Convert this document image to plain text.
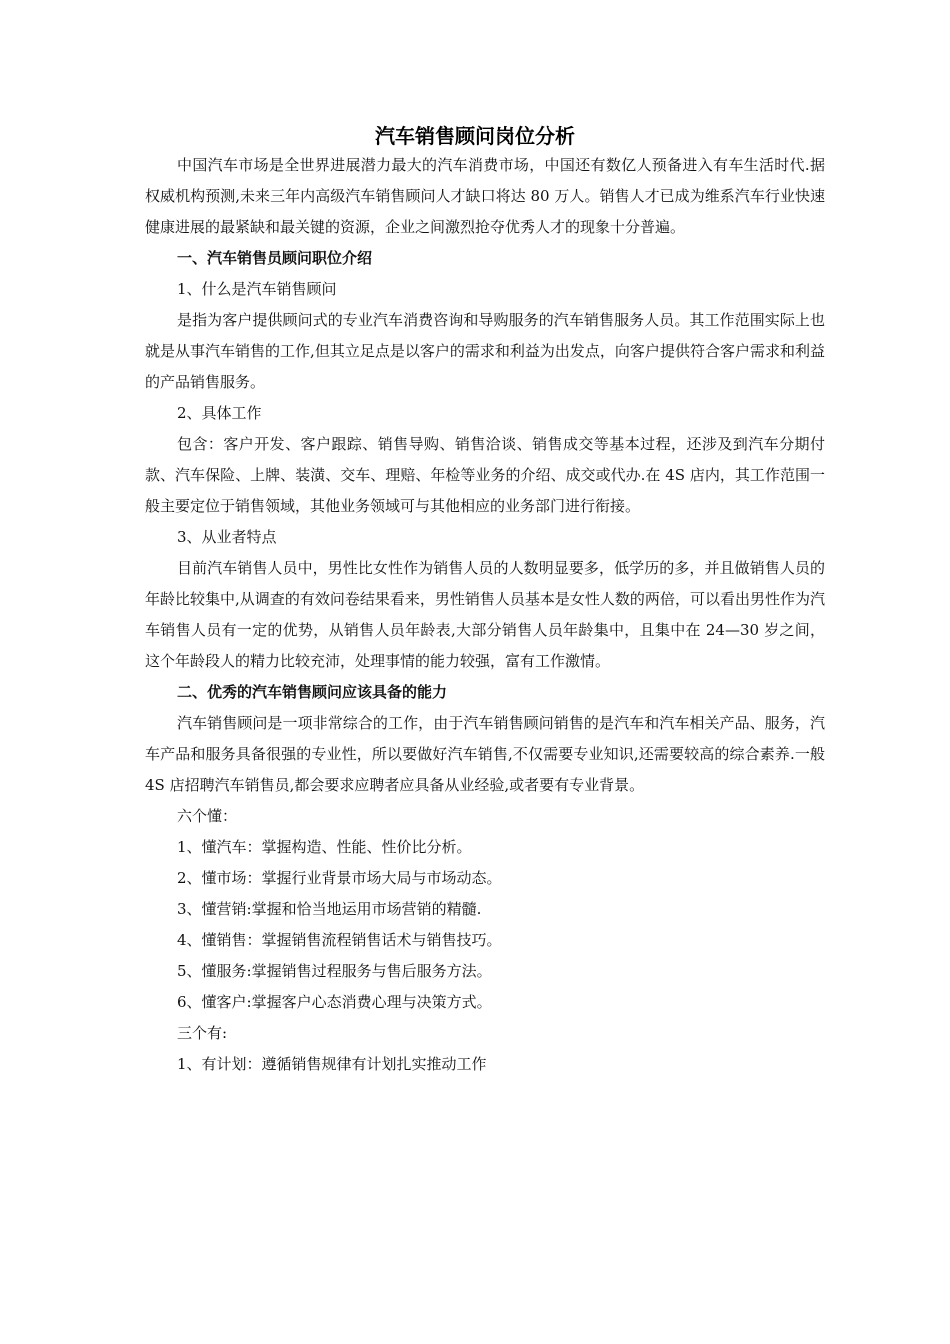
汽车销售顾问岗位分析

中国汽车市场是全世界进展潜力最大的汽车消费市场，中国还有数亿人预备进入有车生活时代.据权威机构预测,未来三年内高级汽车销售顾问人才缺口将达 80 万人。销售人才已成为维系汽车行业快速健康进展的最紧缺和最关键的资源，企业之间激烈抢夺优秀人才的现象十分普遍。

一、汽车销售员顾问职位介绍
1、什么是汽车销售顾问

是指为客户提供顾问式的专业汽车消费咨询和导购服务的汽车销售服务人员。其工作范围实际上也就是从事汽车销售的工作,但其立足点是以客户的需求和利益为出发点，向客户提供符合客户需求和利益的产品销售服务。

2、具体工作

包含：客户开发、客户跟踪、销售导购、销售洽谈、销售成交等基本过程，还涉及到汽车分期付款、汽车保险、上牌、装潢、交车、理赔、年检等业务的介绍、成交或代办.在 4S 店内，其工作范围一般主要定位于销售领域，其他业务领域可与其他相应的业务部门进行衔接。

3、从业者特点

目前汽车销售人员中，男性比女性作为销售人员的人数明显要多，低学历的多，并且做销售人员的年龄比较集中,从调查的有效问卷结果看来，男性销售人员基本是女性人数的两倍，可以看出男性作为汽车销售人员有一定的优势，从销售人员年龄表,大部分销售人员年龄集中，且集中在 24—30 岁之间，这个年龄段人的精力比较充沛，处理事情的能力较强，富有工作激情。

二、优秀的汽车销售顾问应该具备的能力

汽车销售顾问是一项非常综合的工作，由于汽车销售顾问销售的是汽车和汽车相关产品、服务，汽车产品和服务具备很强的专业性，所以要做好汽车销售,不仅需要专业知识,还需要较高的综合素养.一般 4S 店招聘汽车销售员,都会要求应聘者应具备从业经验,或者要有专业背景。

六个懂：
1、懂汽车：掌握构造、性能、性价比分析。
2、懂市场：掌握行业背景市场大局与市场动态。
3、懂营销:掌握和恰当地运用市场营销的精髓.
4、懂销售：掌握销售流程销售话术与销售技巧。
5、懂服务:掌握销售过程服务与售后服务方法。
6、懂客户:掌握客户心态消费心理与决策方式。
三个有:
1、有计划：遵循销售规律有计划扎实推动工作
